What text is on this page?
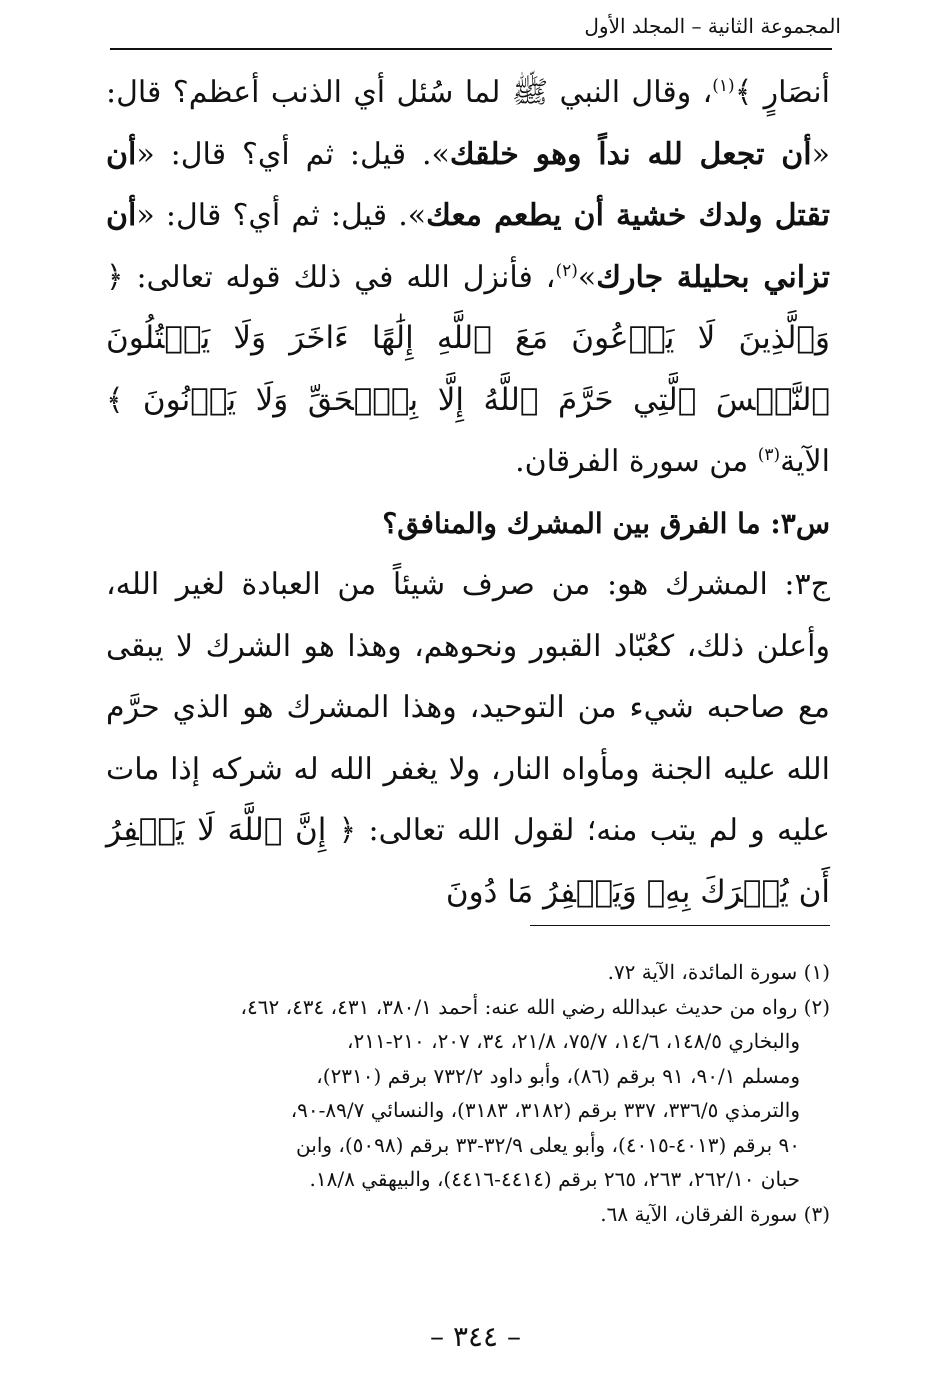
المجموعة الثانية – المجلد الأول

أنصَارٍ ﴾$^{(١)}$، وقال النبي ﷺ لما سُئل أي الذنب أعظم؟ قال: «أن تجعل لله نداً وهو خلقك». قيل: ثم أي؟ قال: «أن تقتل ولدك خشية أن يطعم معك». قيل: ثم أي؟ قال: «أن تزاني بحليلة جارك»$^{(٢)}$، فأنزل الله في ذلك قوله تعالى: ﴿ وَٱلَّذِينَ لَا يَدۡعُونَ مَعَ ٱللَّهِ إِلَٰهًا ءَاخَرَ وَلَا يَقۡتُلُونَ ٱلنَّفۡسَ ٱلَّتِي حَرَّمَ ٱللَّهُ إِلَّا بِٱلۡحَقِّ وَلَا يَزۡنُونَ ﴾ الآية$^{(٣)}$ من سورة الفرقان.

س٣: ما الفرق بين المشرك والمنافق؟

ج٣: المشرك هو: من صرف شيئاً من العبادة لغير الله، وأعلن ذلك، كعُبّاد القبور ونحوهم، وهذا هو الشرك لا يبقى مع صاحبه شيء من التوحيد، وهذا المشرك هو الذي حرَّم الله عليه الجنة ومأواه النار، ولا يغفر الله له شركه إذا مات عليه و لم يتب منه؛ لقول الله تعالى: ﴿ إِنَّ ٱللَّهَ لَا يَغۡفِرُ أَن يُشۡرَكَ بِهِۦ وَيَغۡفِرُ مَا دُونَ

(١) سورة المائدة، الآية ٧٢.

(٢) رواه من حديث عبدالله رضي الله عنه: أحمد ٣٨٠/١، ٤٣١، ٤٣٤، ٤٦٢،

والبخاري ١٤٨/٥، ١٤/٦، ٧٥/٧، ٢١/٨، ٣٤، ٢٠٧، ٢١٠-٢١١،

ومسلم ٩٠/١، ٩١ برقم (٨٦)، وأبو داود ٧٣٢/٢ برقم (٢٣١٠)،

والترمذي ٣٣٦/٥، ٣٣٧ برقم (٣١٨٢، ٣١٨٣)، والنسائي ٨٩/٧-٩٠،

٩٠ برقم (٤٠١٣-٤٠١٥)، وأبو يعلى ٣٢/٩-٣٣ برقم (٥٠٩٨)، وابن

حبان ٢٦٢/١٠، ٢٦٣، ٢٦٥ برقم (٤٤١٤-٤٤١٦)، والبيهقي ١٨/٨.

(٣) سورة الفرقان، الآية ٦٨.

– ٣٤٤ –
